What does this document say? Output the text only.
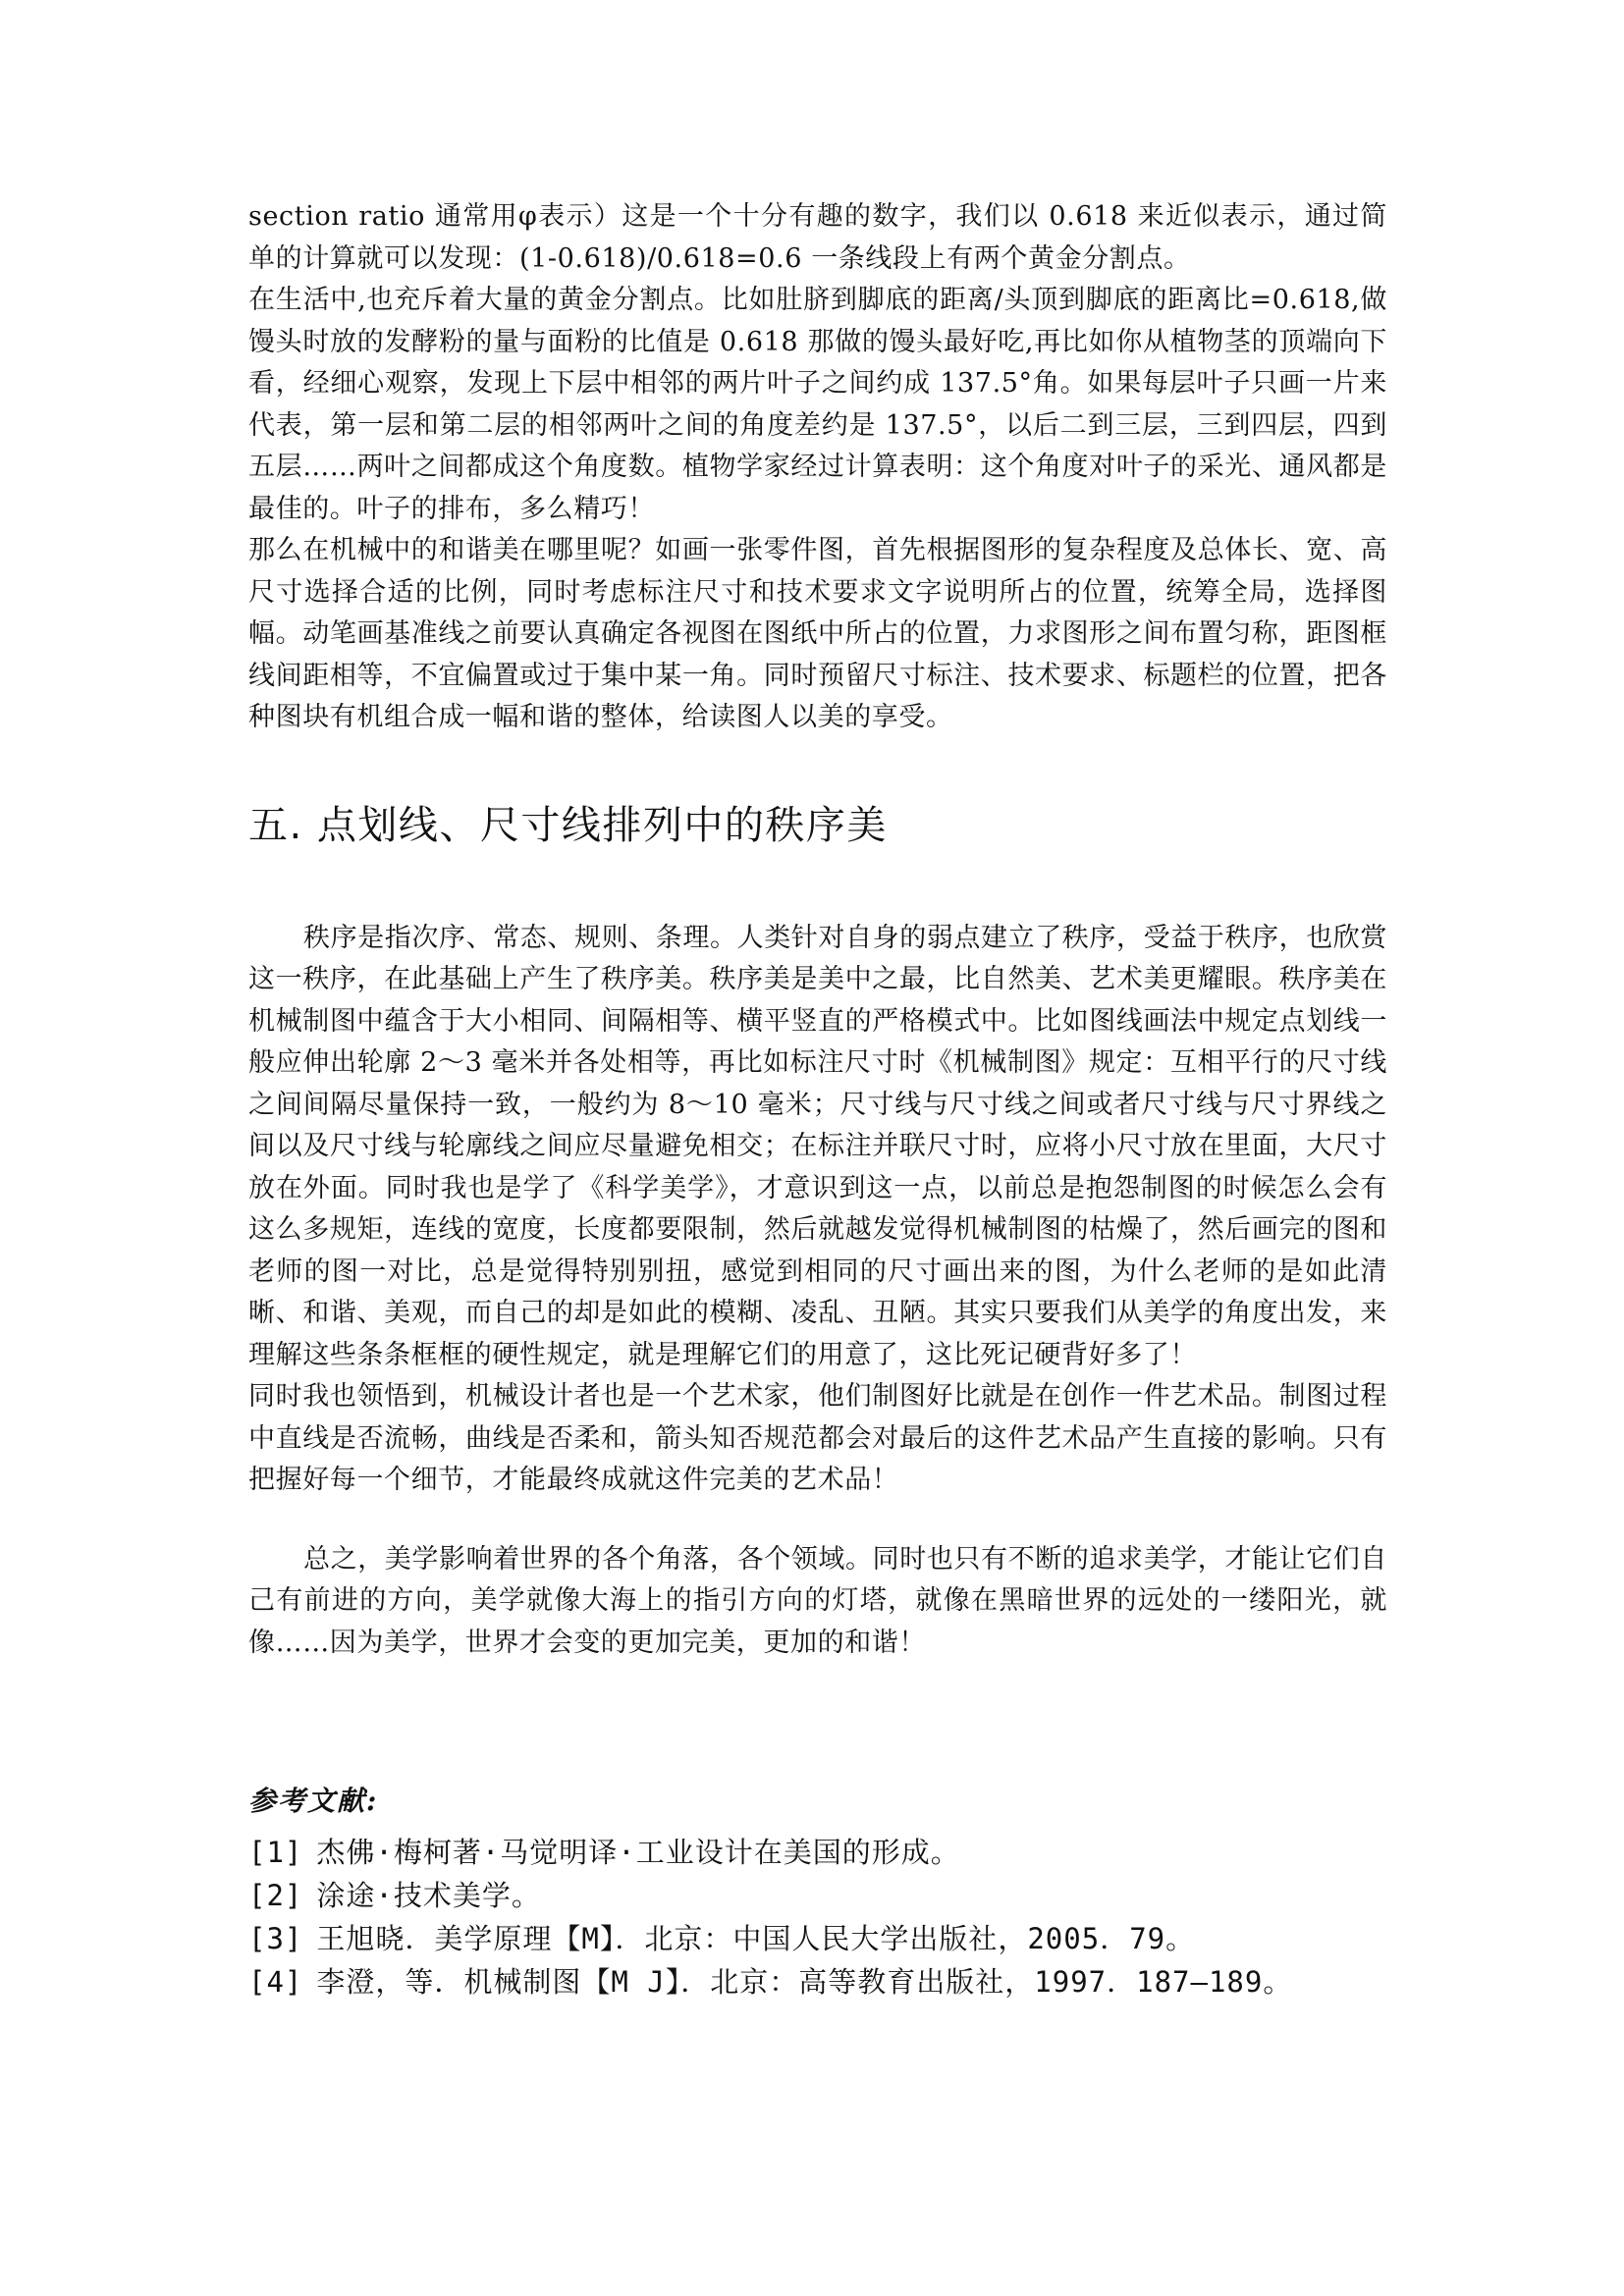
section ratio 通常用φ表示）这是一个十分有趣的数字，我们以 0.618 来近似表示，通过简单的计算就可以发现：(1-0.618)/0.618=0.6 一条线段上有两个黄金分割点。

在生活中,也充斥着大量的黄金分割点。比如肚脐到脚底的距离/头顶到脚底的距离比=0.618,做馒头时放的发酵粉的量与面粉的比值是 0.618 那做的馒头最好吃,再比如你从植物茎的顶端向下看，经细心观察，发现上下层中相邻的两片叶子之间约成 137.5°角。如果每层叶子只画一片来代表，第一层和第二层的相邻两叶之间的角度差约是 137.5°，以后二到三层，三到四层，四到五层……两叶之间都成这个角度数。植物学家经过计算表明：这个角度对叶子的采光、通风都是最佳的。叶子的排布，多么精巧！

那么在机械中的和谐美在哪里呢？如画一张零件图，首先根据图形的复杂程度及总体长、宽、高尺寸选择合适的比例，同时考虑标注尺寸和技术要求文字说明所占的位置，统筹全局，选择图幅。动笔画基准线之前要认真确定各视图在图纸中所占的位置，力求图形之间布置匀称，距图框线间距相等，不宜偏置或过于集中某一角。同时预留尺寸标注、技术要求、标题栏的位置，把各种图块有机组合成一幅和谐的整体，给读图人以美的享受。

五. 点划线、尺寸线排列中的秩序美

秩序是指次序、常态、规则、条理。人类针对自身的弱点建立了秩序，受益于秩序，也欣赏这一秩序，在此基础上产生了秩序美。秩序美是美中之最，比自然美、艺术美更耀眼。秩序美在机械制图中蕴含于大小相同、间隔相等、横平竖直的严格模式中。比如图线画法中规定点划线一般应伸出轮廓 2～3 毫米并各处相等，再比如标注尺寸时《机械制图》规定：互相平行的尺寸线之间间隔尽量保持一致，一般约为 8～10 毫米；尺寸线与尺寸线之间或者尺寸线与尺寸界线之间以及尺寸线与轮廓线之间应尽量避免相交；在标注并联尺寸时，应将小尺寸放在里面，大尺寸放在外面。同时我也是学了《科学美学》，才意识到这一点，以前总是抱怨制图的时候怎么会有这么多规矩，连线的宽度，长度都要限制，然后就越发觉得机械制图的枯燥了，然后画完的图和老师的图一对比，总是觉得特别别扭，感觉到相同的尺寸画出来的图，为什么老师的是如此清晰、和谐、美观，而自己的却是如此的模糊、凌乱、丑陋。其实只要我们从美学的角度出发，来理解这些条条框框的硬性规定，就是理解它们的用意了，这比死记硬背好多了！

同时我也领悟到，机械设计者也是一个艺术家，他们制图好比就是在创作一件艺术品。制图过程中直线是否流畅，曲线是否柔和，箭头知否规范都会对最后的这件艺术品产生直接的影响。只有把握好每一个细节，才能最终成就这件完美的艺术品！

总之，美学影响着世界的各个角落，各个领域。同时也只有不断的追求美学，才能让它们自己有前进的方向，美学就像大海上的指引方向的灯塔，就像在黑暗世界的远处的一缕阳光，就像……因为美学，世界才会变的更加完美，更加的和谐！

参考文献:
[1] 杰佛·梅柯著·马觉明译·工业设计在美国的形成。
[2] 涂途·技术美学。
[3] 王旭晓．美学原理【M】．北京：中国人民大学出版社，2005．79。
[4] 李澄，等．机械制图【M J】．北京：高等教育出版社，1997．187—189。
